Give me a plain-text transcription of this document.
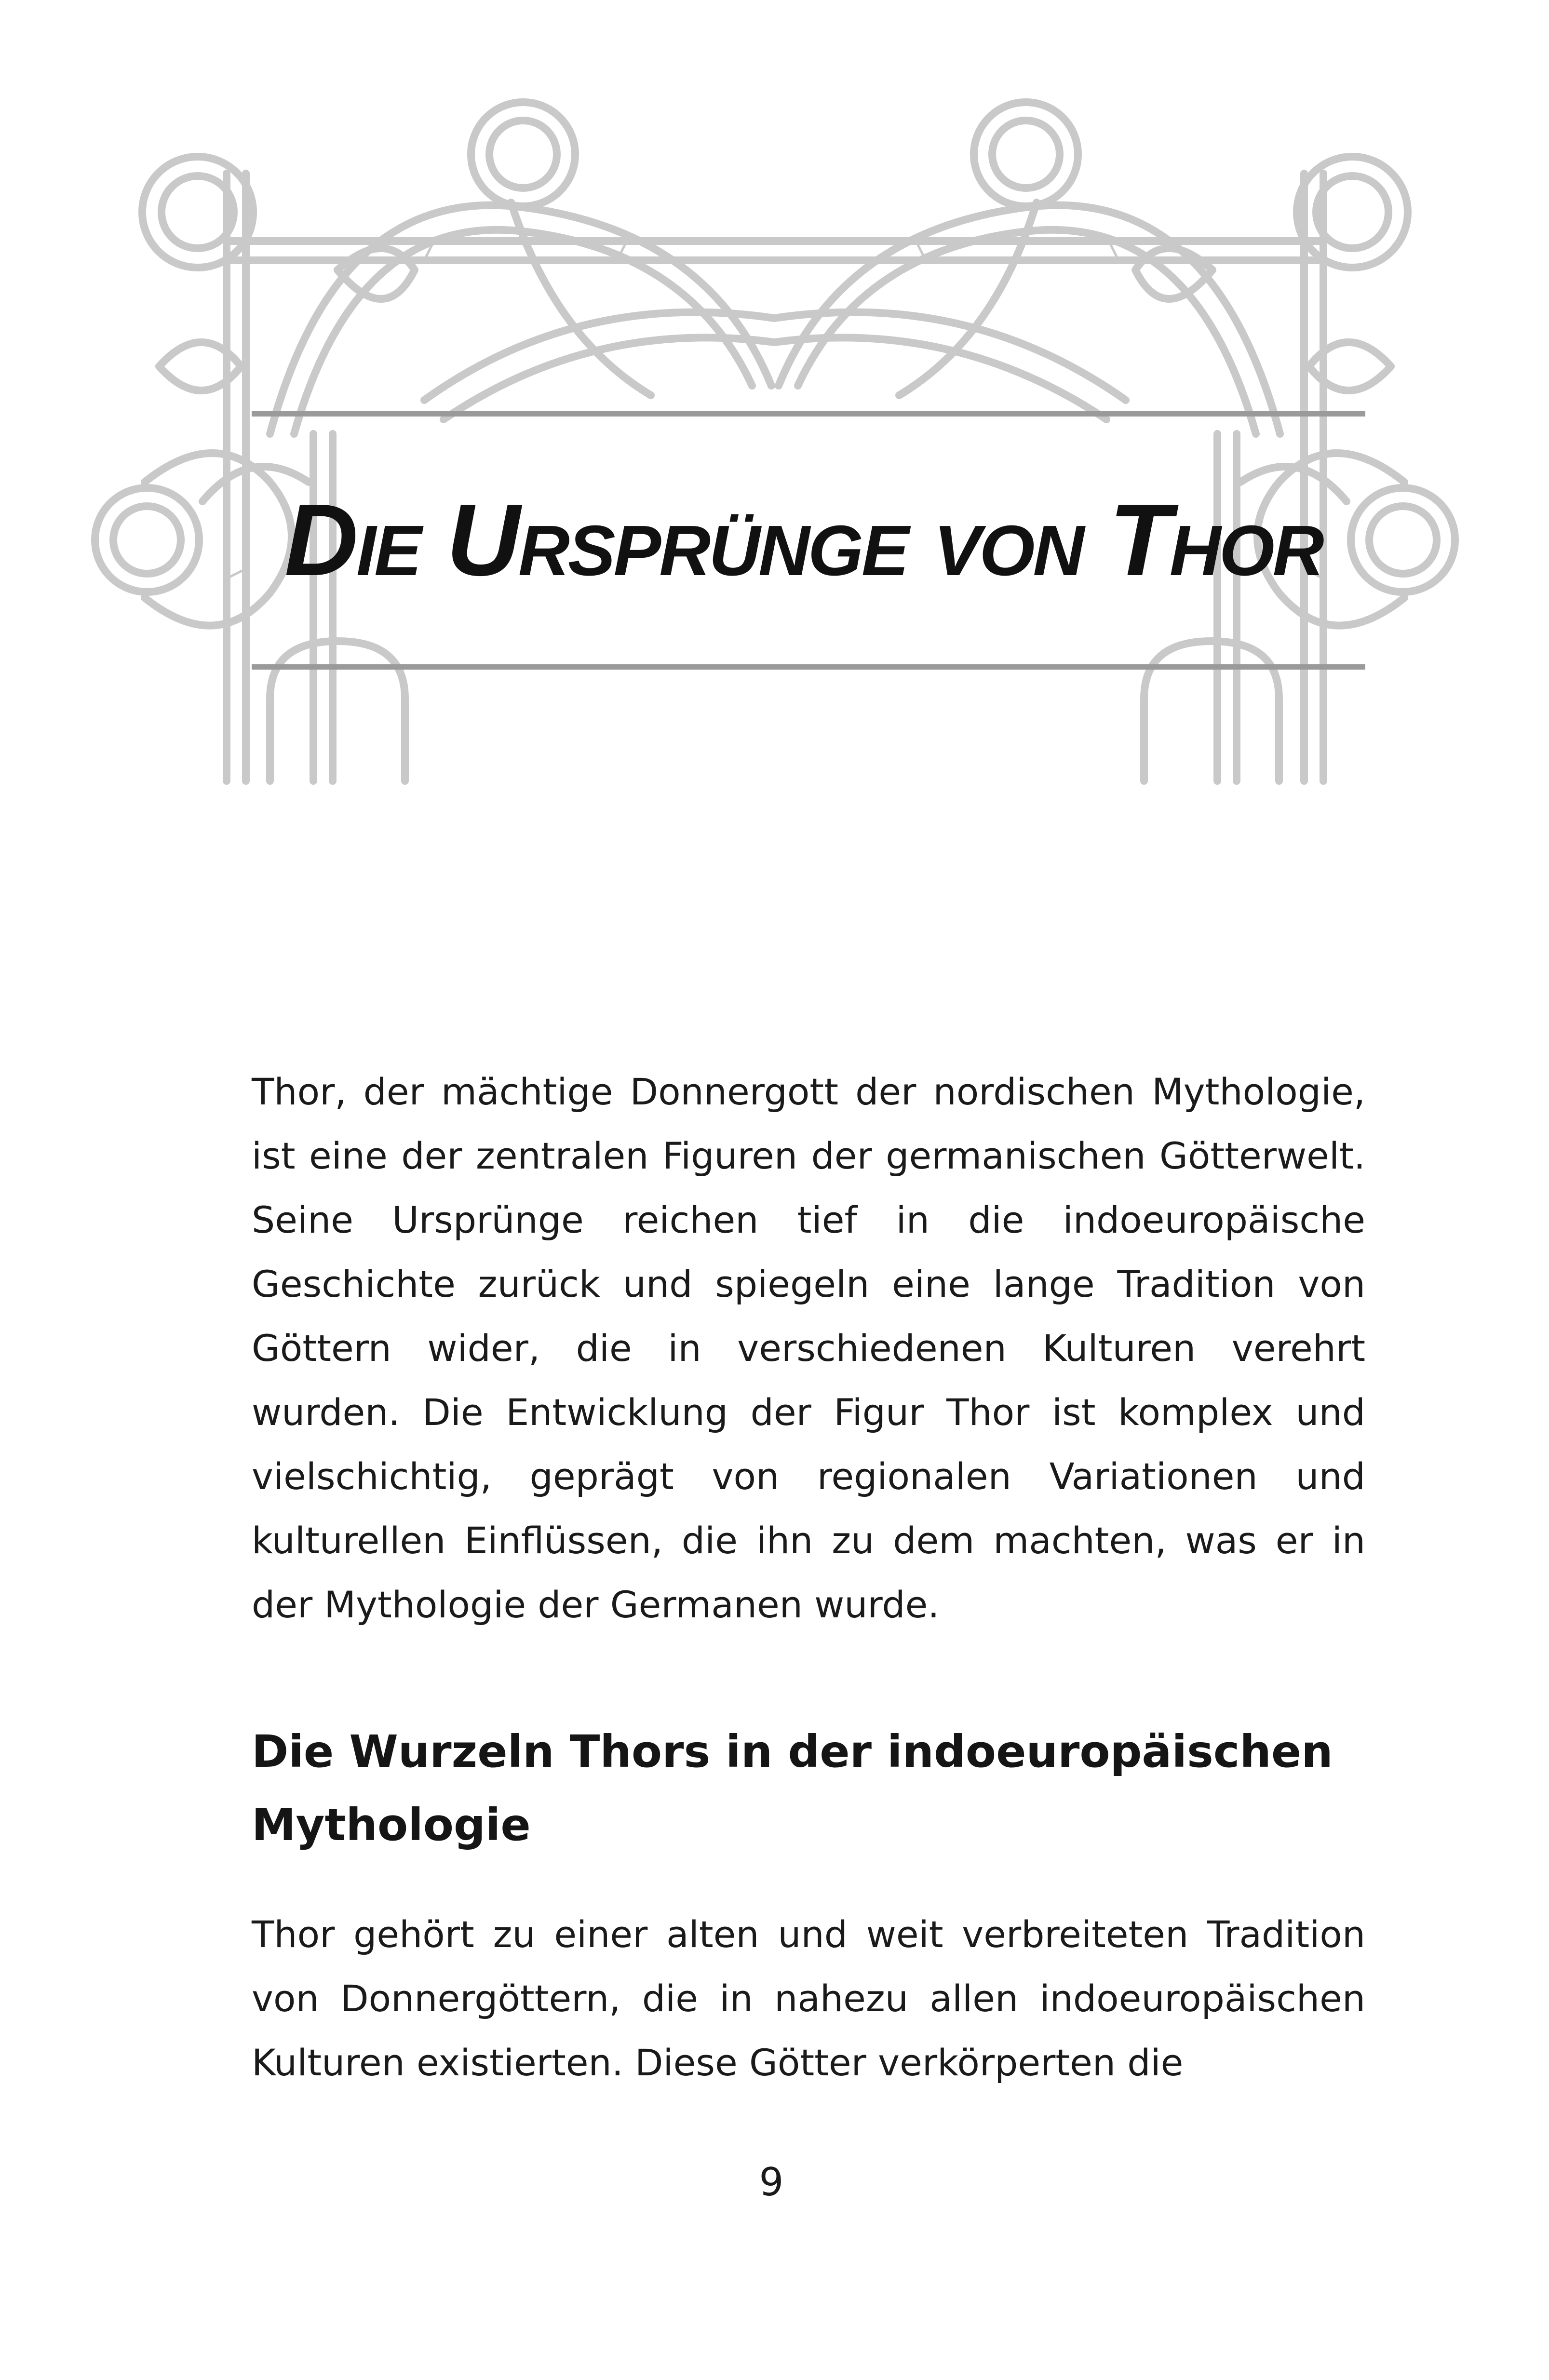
Die Ursprünge von Thor

Thor, der mächtige Donnergott der nordischen Mythologie, ist eine der zentralen Figuren der germanischen Götterwelt. Seine Ursprünge reichen tief in die indoeuropäische Geschichte zurück und spiegeln eine lange Tradition von Göttern wider, die in verschiedenen Kulturen verehrt wurden. Die Entwicklung der Figur Thor ist komplex und vielschichtig, geprägt von regionalen Variationen und kulturellen Einflüssen, die ihn zu dem machten, was er in der Mythologie der Germanen wurde.

Die Wurzeln Thors in der indoeuropäischen Mythologie

Thor gehört zu einer alten und weit verbreiteten Tradition von Donnergöttern, die in nahezu allen indoeuropäischen Kulturen existierten. Diese Götter verkörperten die

9
